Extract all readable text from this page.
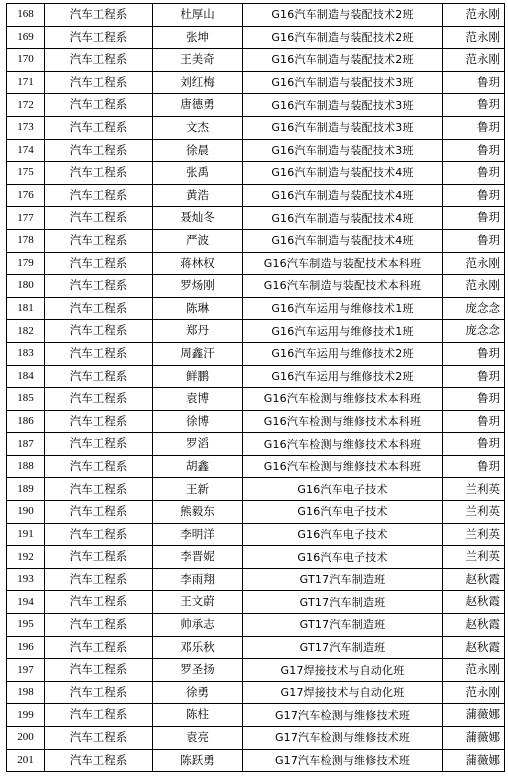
168	汽车工程系	杜厚山	G16汽车制造与装配技术2班	范永刚
169	汽车工程系	张坤	G16汽车制造与装配技术2班	范永刚
170	汽车工程系	王美奇	G16汽车制造与装配技术2班	范永刚
171	汽车工程系	刘红梅	G16汽车制造与装配技术3班	鲁玥
172	汽车工程系	唐德勇	G16汽车制造与装配技术3班	鲁玥
173	汽车工程系	文杰	G16汽车制造与装配技术3班	鲁玥
174	汽车工程系	徐晨	G16汽车制造与装配技术3班	鲁玥
175	汽车工程系	张禹	G16汽车制造与装配技术4班	鲁玥
176	汽车工程系	黄浩	G16汽车制造与装配技术4班	鲁玥
177	汽车工程系	聂灿冬	G16汽车制造与装配技术4班	鲁玥
178	汽车工程系	严波	G16汽车制造与装配技术4班	鲁玥
179	汽车工程系	蒋林权	G16汽车制造与装配技术本科班	范永刚
180	汽车工程系	罗炀刚	G16汽车制造与装配技术本科班	范永刚
181	汽车工程系	陈琳	G16汽车运用与维修技术1班	庞念念
182	汽车工程系	郑丹	G16汽车运用与维修技术1班	庞念念
183	汽车工程系	周鑫汗	G16汽车运用与维修技术2班	鲁玥
184	汽车工程系	鲜鹏	G16汽车运用与维修技术2班	鲁玥
185	汽车工程系	袁博	G16汽车检测与维修技术本科班	鲁玥
186	汽车工程系	徐博	G16汽车检测与维修技术本科班	鲁玥
187	汽车工程系	罗滔	G16汽车检测与维修技术本科班	鲁玥
188	汽车工程系	胡鑫	G16汽车检测与维修技术本科班	鲁玥
189	汽车工程系	王新	G16汽车电子技术	兰利英
190	汽车工程系	熊毅东	G16汽车电子技术	兰利英
191	汽车工程系	李明洋	G16汽车电子技术	兰利英
192	汽车工程系	李晋妮	G16汽车电子技术	兰利英
193	汽车工程系	李雨翔	GT17汽车制造班	赵秋霞
194	汽车工程系	王文蔚	GT17汽车制造班	赵秋霞
195	汽车工程系	帅承志	GT17汽车制造班	赵秋霞
196	汽车工程系	邓乐秋	GT17汽车制造班	赵秋霞
197	汽车工程系	罗圣扬	G17焊接技术与自动化班	范永刚
198	汽车工程系	徐勇	G17焊接技术与自动化班	范永刚
199	汽车工程系	陈柱	G17汽车检测与维修技术班	蒲薇娜
200	汽车工程系	袁亮	G17汽车检测与维修技术班	蒲薇娜
201	汽车工程系	陈跃勇	G17汽车检测与维修技术班	蒲薇娜
